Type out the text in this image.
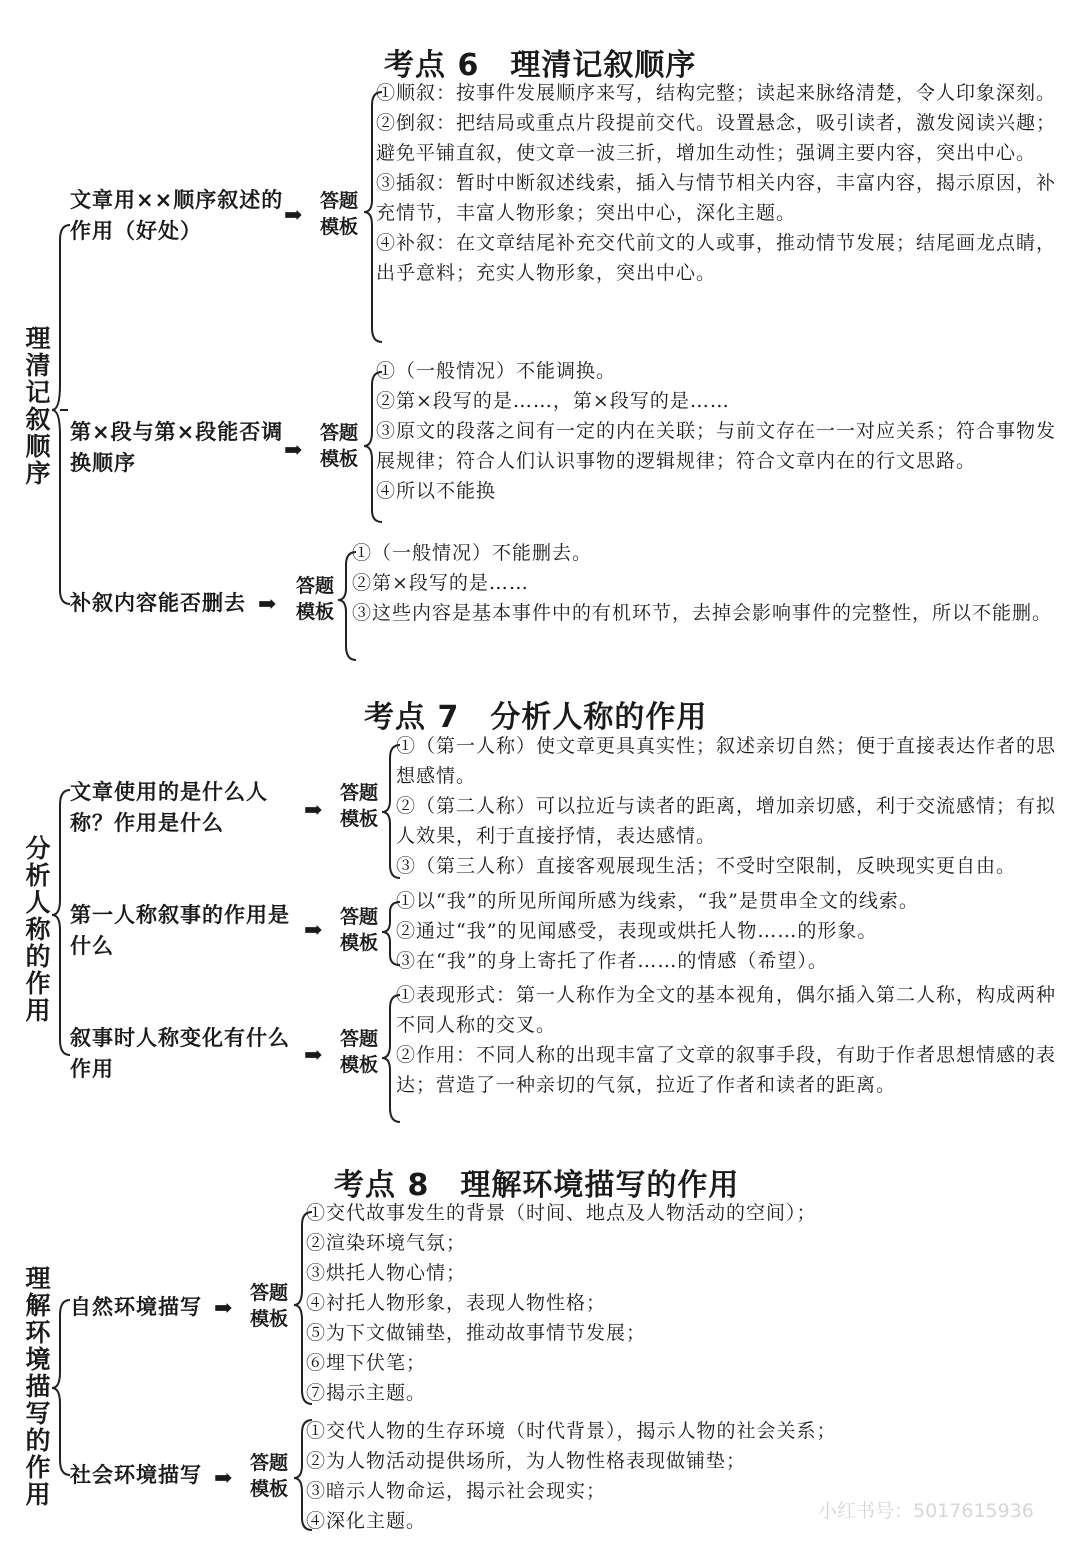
考点 6　理清记叙顺序
理清记叙顺序
文章用××顺序叙述的作用（好处）
➡
答题
模板
①顺叙：按事件发展顺序来写，结构完整；读起来脉络清楚，令人印象深刻。
②倒叙：把结局或重点片段提前交代。设置悬念，吸引读者，激发阅读兴趣；避免平铺直叙，使文章一波三折，增加生动性；强调主要内容，突出中心。
③插叙：暂时中断叙述线索，插入与情节相关内容，丰富内容，揭示原因，补充情节，丰富人物形象；突出中心，深化主题。
④补叙：在文章结尾补充交代前文的人或事，推动情节发展；结尾画龙点睛，出乎意料；充实人物形象，突出中心。
第×段与第×段能否调换顺序	➡
答题
模板
①（一般情况）不能调换。
②第×段写的是……，第×段写的是……
③原文的段落之间有一定的内在关联；与前文存在一一对应关系；符合事物发展规律；符合人们认识事物的逻辑规律；符合文章内在的行文思路。
④所以不能换
补叙内容能否删去 ➡
答题
模板
①（一般情况）不能删去。
②第×段写的是……
③这些内容是基本事件中的有机环节，去掉会影响事件的完整性，所以不能删。
考点 7　分析人称的作用
分析人称的作用
文章使用的是什么人称？作用是什么	➡
答题
模板
①（第一人称）使文章更具真实性；叙述亲切自然；便于直接表达作者的思想感情。
②（第二人称）可以拉近与读者的距离，增加亲切感，利于交流感情；有拟人效果，利于直接抒情，表达感情。
③（第三人称）直接客观展现生活；不受时空限制，反映现实更自由。
第一人称叙事的作用是什么
➡ 答题
模板
①以“我”的所见所闻所感为线索，“我”是贯串全文的线索。
②通过“我”的见闻感受，表现或烘托人物……的形象。
③在“我”的身上寄托了作者……的情感（希望）。
叙事时人称变化有什么作用
➡
答题
模板
①表现形式：第一人称作为全文的基本视角，偶尔插入第二人称，构成两种不同人称的交叉。
②作用：不同人称的出现丰富了文章的叙事手段，有助于作者思想情感的表达；营造了一种亲切的气氛，拉近了作者和读者的距离。
考点 8　理解环境描写的作用
理解环境描写的作用 自然环境描写 ➡
答题
模板
①交代故事发生的背景（时间、地点及人物活动的空间）；
②渲染环境气氛；
③烘托人物心情；
④衬托人物形象，表现人物性格；
⑤为下文做铺垫，推动故事情节发展；
⑥埋下伏笔；
⑦揭示主题。
社会环境描写 ➡
答题
模板
①交代人物的生存环境（时代背景），揭示人物的社会关系；
②为人物活动提供场所，为人物性格表现做铺垫；
③暗示人物命运，揭示社会现实；
④深化主题。	小红书号：5017615936
